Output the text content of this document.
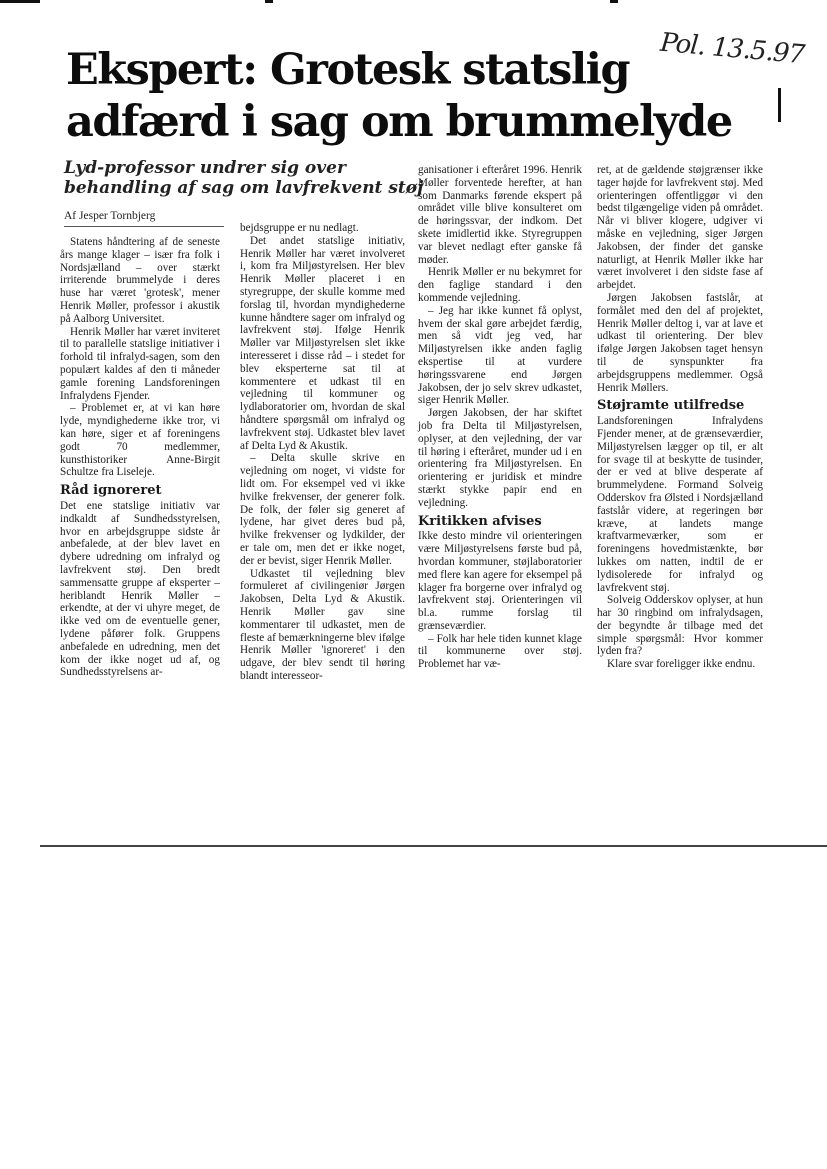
Ekspert: Grotesk statslig adfærd i sag om brummelyde
Pol. 13.5.97
Lyd-professor undrer sig over behandling af sag om lavfrekvent støj
Af Jesper Tornbjerg

Statens håndtering af de seneste års mange klager – især fra folk i Nordsjælland – over stærkt irriterende brummelyde i deres huse har været 'grotesk', mener Henrik Møller, professor i akustik på Aalborg Universitet.

Henrik Møller har været inviteret til to parallelle statslige initiativer i forhold til infralyd-sagen, som den populært kaldes af den ti måneder gamle forening Landsforeningen Infralydens Fjender.

– Problemet er, at vi kan høre lyde, myndighederne ikke tror, vi kan høre, siger et af foreningens godt 70 medlemmer, kunsthistoriker Anne-Birgit Schultze fra Liseleje.

Råd ignoreret

Det ene statslige initiativ var indkaldt af Sundhedsstyrelsen, hvor en arbejdsgruppe sidste år anbefalede, at der blev lavet en dybere udredning om infralyd og lavfrekvent støj. Den bredt sammensatte gruppe af eksperter – heriblandt Henrik Møller – erkendte, at der vi uhyre meget, de ikke ved om de eventuelle gener, lydene påfører folk. Gruppens anbefalede en udredning, men det kom der ikke noget ud af, og Sundhedsstyrelsens ar-

bejdsgruppe er nu nedlagt.

Det andet statslige initiativ, Henrik Møller har været involveret i, kom fra Miljøstyrelsen. Her blev Henrik Møller placeret i en styregruppe, der skulle komme med forslag til, hvordan myndighederne kunne håndtere sager om infralyd og lavfrekvent støj. Ifølge Henrik Møller var Miljøstyrelsen slet ikke interesseret i disse råd – i stedet for blev eksperterne sat til at kommentere et udkast til en vejledning til kommuner og lydlaboratorier om, hvordan de skal håndtere spørgsmål om infralyd og lavfrekvent støj. Udkastet blev lavet af Delta Lyd & Akustik.

– Delta skulle skrive en vejledning om noget, vi vidste for lidt om. For eksempel ved vi ikke hvilke frekvenser, der generer folk. De folk, der føler sig generet af lydene, har givet deres bud på, hvilke frekvenser og lydkilder, der er tale om, men det er ikke noget, der er bevist, siger Henrik Møller.

Udkastet til vejledning blev formuleret af civilingeniør Jørgen Jakobsen, Delta Lyd & Akustik. Henrik Møller gav sine kommentarer til udkastet, men de fleste af bemærkningerne blev ifølge Henrik Møller 'ignoreret' i den udgave, der blev sendt til høring blandt interesseor-

ganisationer i efteråret 1996. Henrik Møller forventede herefter, at han som Danmarks førende ekspert på området ville blive konsulteret om de høringssvar, der indkom. Det skete imidlertid ikke. Styregruppen var blevet nedlagt efter ganske få møder.

Henrik Møller er nu bekymret for den faglige standard i den kommende vejledning.

– Jeg har ikke kunnet få oplyst, hvem der skal gøre arbejdet færdig, men så vidt jeg ved, har Miljøstyrelsen ikke anden faglig ekspertise til at vurdere høringssvarene end Jørgen Jakobsen, der jo selv skrev udkastet, siger Henrik Møller.

Jørgen Jakobsen, der har skiftet job fra Delta til Miljøstyrelsen, oplyser, at den vejledning, der var til høring i efteråret, munder ud i en orientering fra Miljøstyrelsen. En orientering er juridisk et mindre stærkt stykke papir end en vejledning.

Kritikken afvises

Ikke desto mindre vil orienteringen være Miljøstyrelsens første bud på, hvordan kommuner, støjlaboratorier med flere kan agere for eksempel på klager fra borgerne over infralyd og lavfrekvent støj. Orienteringen vil bl.a. rumme forslag til grænseværdier.

– Folk har hele tiden kunnet klage til kommunerne over støj. Problemet har væ-

ret, at de gældende støjgrænser ikke tager højde for lavfrekvent støj. Med orienteringen offentliggør vi den bedst tilgængelige viden på området. Når vi bliver klogere, udgiver vi måske en vejledning, siger Jørgen Jakobsen, der finder det ganske naturligt, at Henrik Møller ikke har været involveret i den sidste fase af arbejdet.

Jørgen Jakobsen fastslår, at formålet med den del af projektet, Henrik Møller deltog i, var at lave et udkast til orientering. Der blev ifølge Jørgen Jakobsen taget hensyn til de synspunkter fra arbejdsgruppens medlemmer. Også Henrik Møllers.

Støjramte utilfredse

Landsforeningen Infralydens Fjender mener, at de grænseværdier, Miljøstyrelsen lægger op til, er alt for svage til at beskytte de tusinder, der er ved at blive desperate af brummelydene. Formand Solveig Odderskov fra Ølsted i Nordsjælland fastslår videre, at regeringen bør kræve, at landets mange kraftvarmeværker, som er foreningens hovedmistænkte, bør lukkes om natten, indtil de er lydisolerede for infralyd og lavfrekvent støj.

Solveig Odderskov oplyser, at hun har 30 ringbind om infralydsagen, der begyndte år tilbage med det simple spørgsmål: Hvor kommer lyden fra?

Klare svar foreligger ikke endnu.
